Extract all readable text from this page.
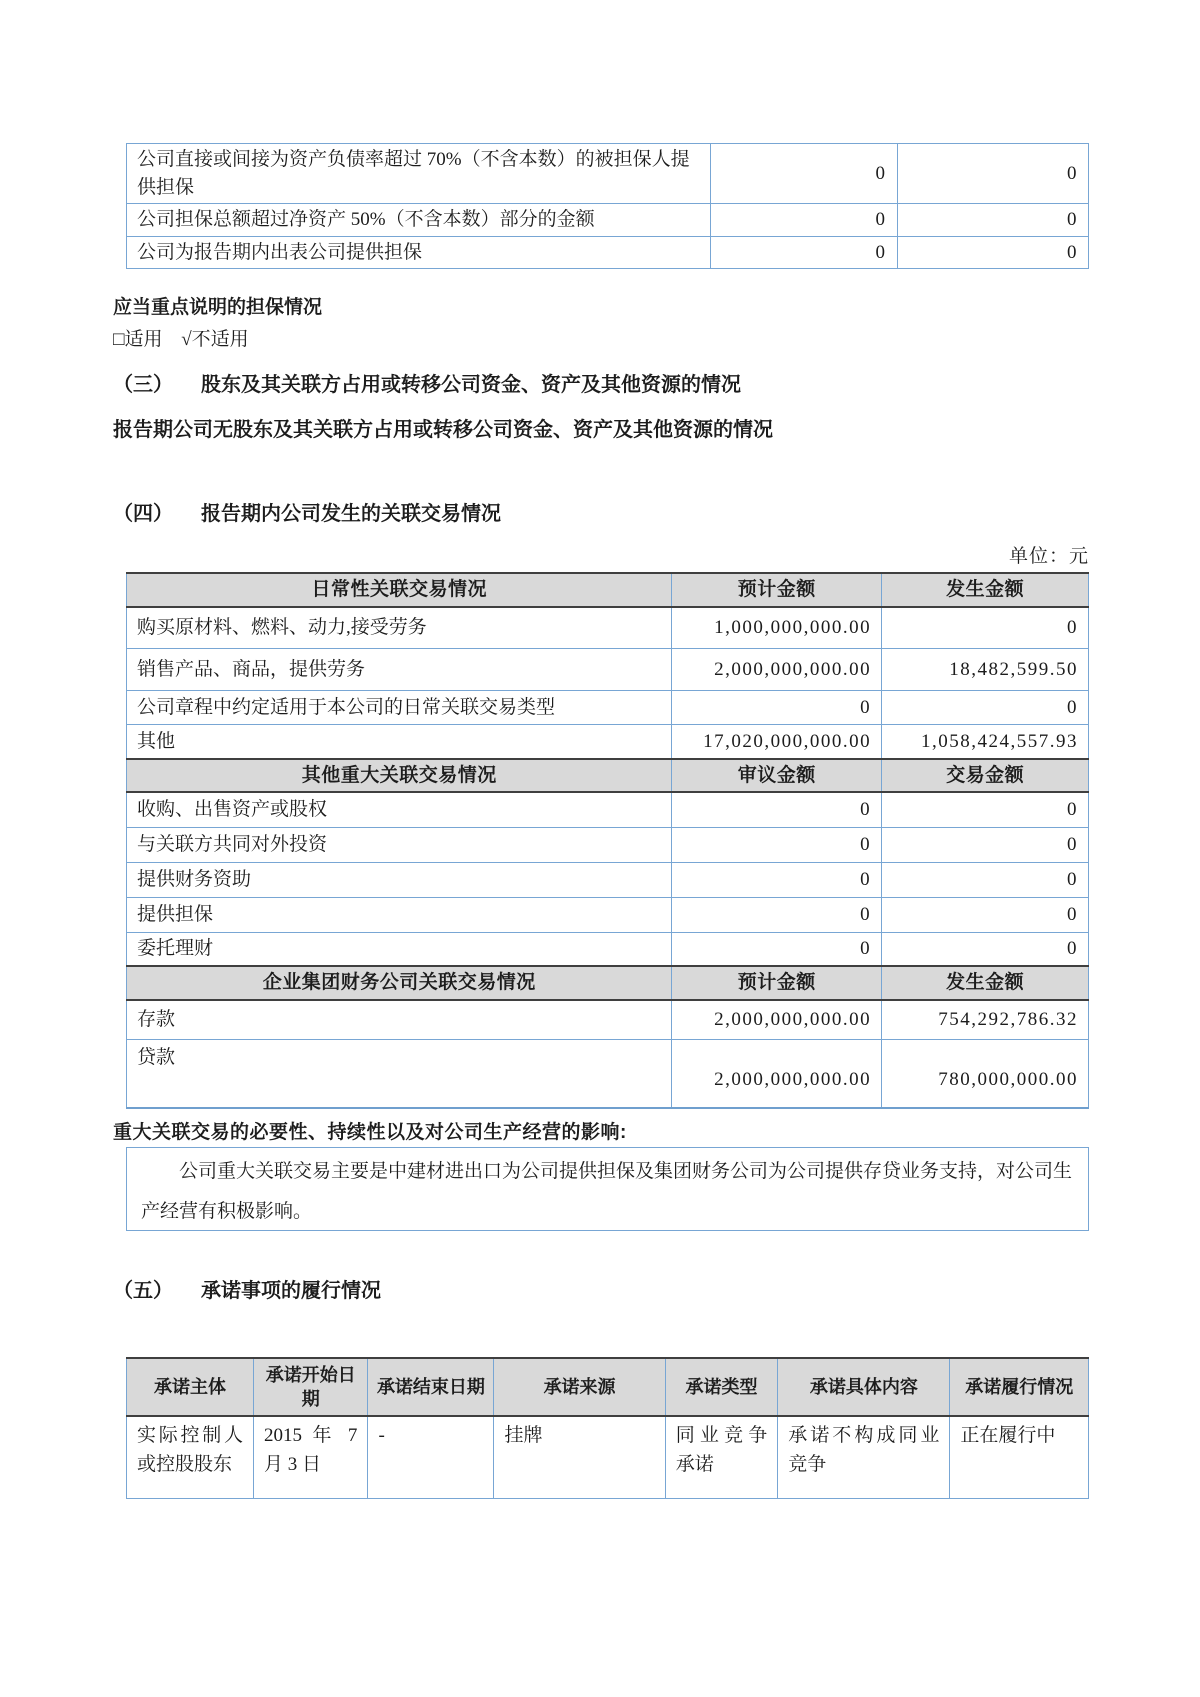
公司直接或间接为资产负债率超过 70%（不含本数）的被担保人提供担保	0	0
公司担保总额超过净资产 50%（不含本数）部分的金额	0	0
公司为报告期内出表公司提供担保	0	0
应当重点说明的担保情况
□适用 √不适用
（三） 股东及其关联方占用或转移公司资金、资产及其他资源的情况
报告期公司无股东及其关联方占用或转移公司资金、资产及其他资源的情况
（四） 报告期内公司发生的关联交易情况
单位：元
日常性关联交易情况	预计金额	发生金额
购买原材料、燃料、动力,接受劳务	1,000,000,000.00	0
销售产品、商品，提供劳务	2,000,000,000.00	18,482,599.50
公司章程中约定适用于本公司的日常关联交易类型	0	0
其他	17,020,000,000.00	1,058,424,557.93
其他重大关联交易情况	审议金额	交易金额
收购、出售资产或股权	0	0
与关联方共同对外投资	0	0
提供财务资助	0	0
提供担保	0	0
委托理财	0	0
企业集团财务公司关联交易情况	预计金额	发生金额
存款	2,000,000,000.00	754,292,786.32
贷款	2,000,000,000.00	780,000,000.00
重大关联交易的必要性、持续性以及对公司生产经营的影响:
公司重大关联交易主要是中建材进出口为公司提供担保及集团财务公司为公司提供存贷业务支持，对公司生产经营有积极影响。
（五） 承诺事项的履行情况
承诺主体	承诺开始日期	承诺结束日期	承诺来源	承诺类型	承诺具体内容	承诺履行情况
实际控制人或控股股东	2015 年 7 月 3 日	-	挂牌	同业竞争承诺	承诺不构成同业竞争	正在履行中
